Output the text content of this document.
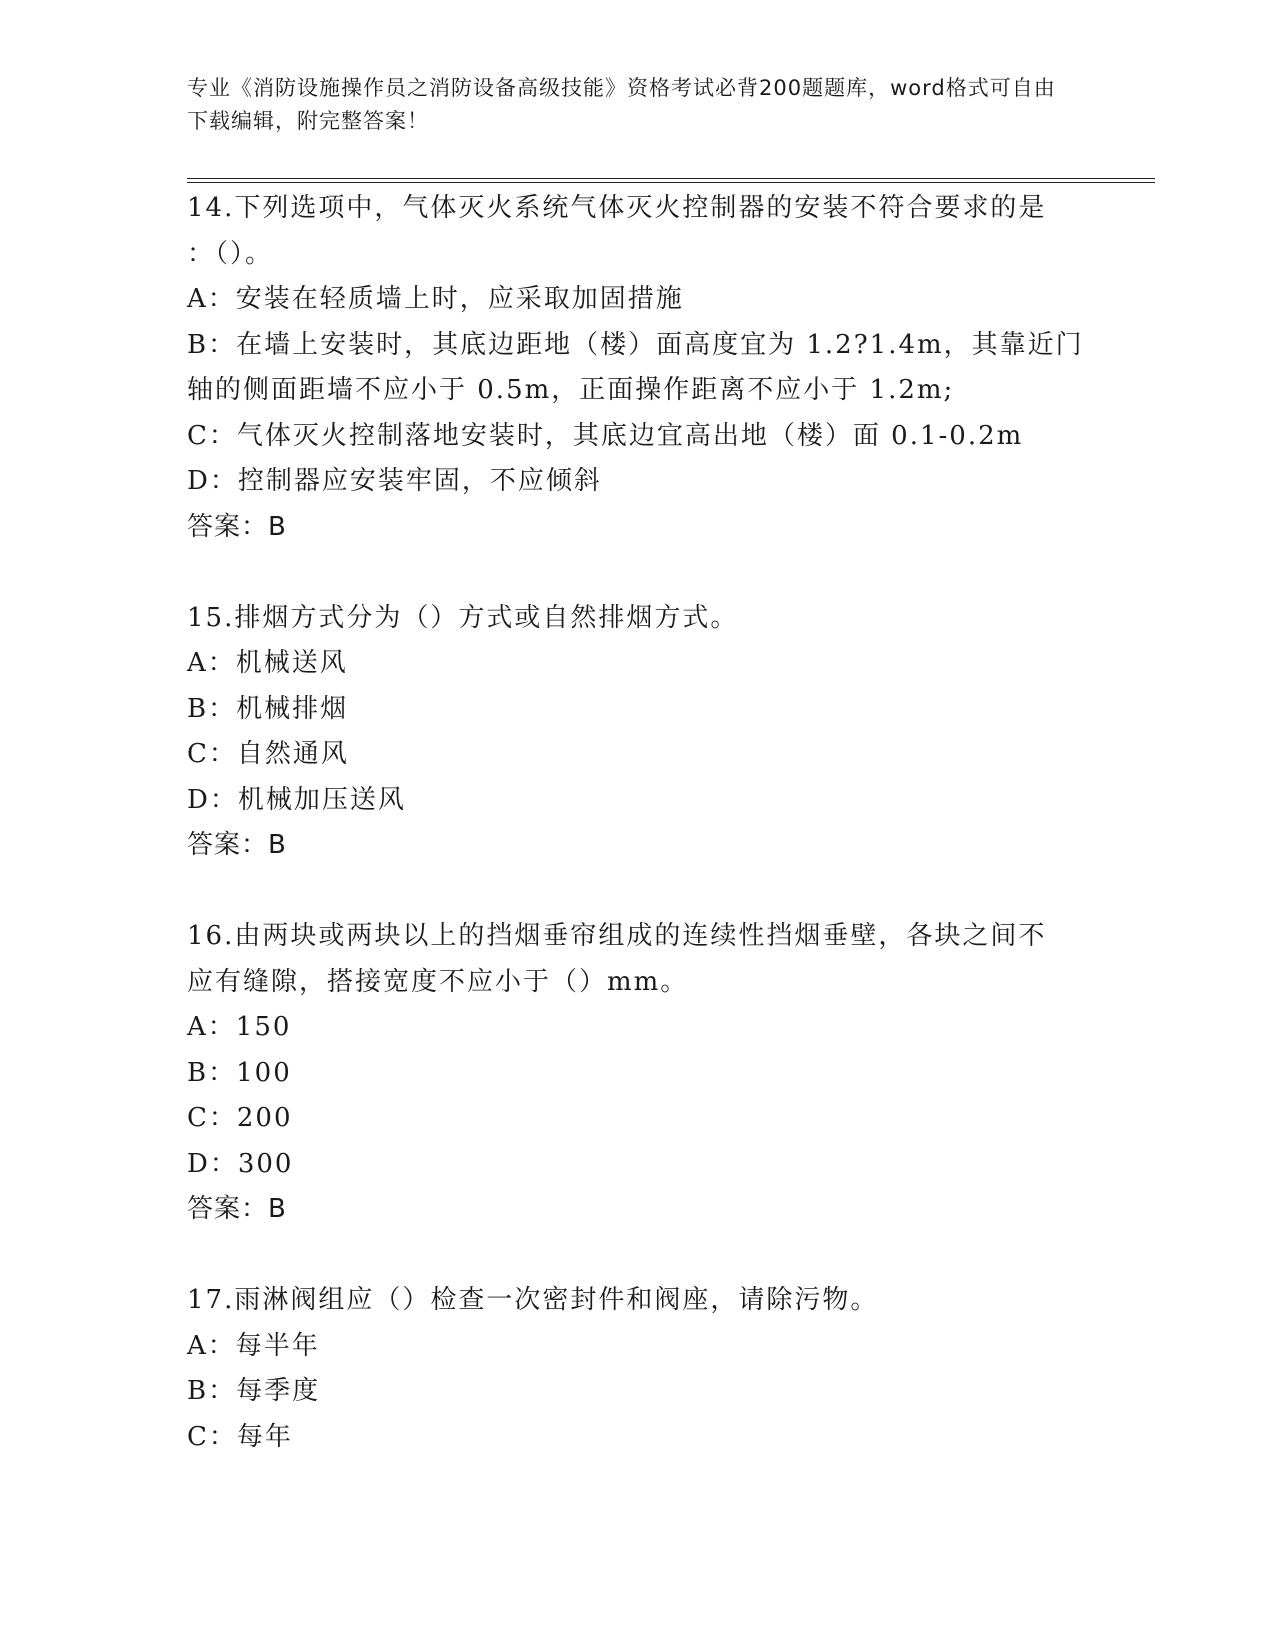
专业《消防设施操作员之消防设备高级技能》资格考试必背200题题库，word格式可自由下载编辑，附完整答案！
14.下列选项中，气体灭火系统气体灭火控制器的安装不符合要求的是
：（）。
A：安装在轻质墙上时，应采取加固措施
B：在墙上安装时，其底边距地（楼）面高度宜为 1.2?1.4m，其靠近门
轴的侧面距墙不应小于 0.5m，正面操作距离不应小于 1.2m;
C：气体灭火控制落地安装时，其底边宜高出地（楼）面 0.1-0.2m
D：控制器应安装牢固，不应倾斜
答案：B
15.排烟方式分为（）方式或自然排烟方式。
A：机械送风
B：机械排烟
C：自然通风
D：机械加压送风
答案：B
16.由两块或两块以上的挡烟垂帘组成的连续性挡烟垂壁，各块之间不
应有缝隙，搭接宽度不应小于（）mm。
A：150
B：100
C：200
D：300
答案：B
17.雨淋阀组应（）检查一次密封件和阀座，请除污物。
A：每半年
B：每季度
C：每年
